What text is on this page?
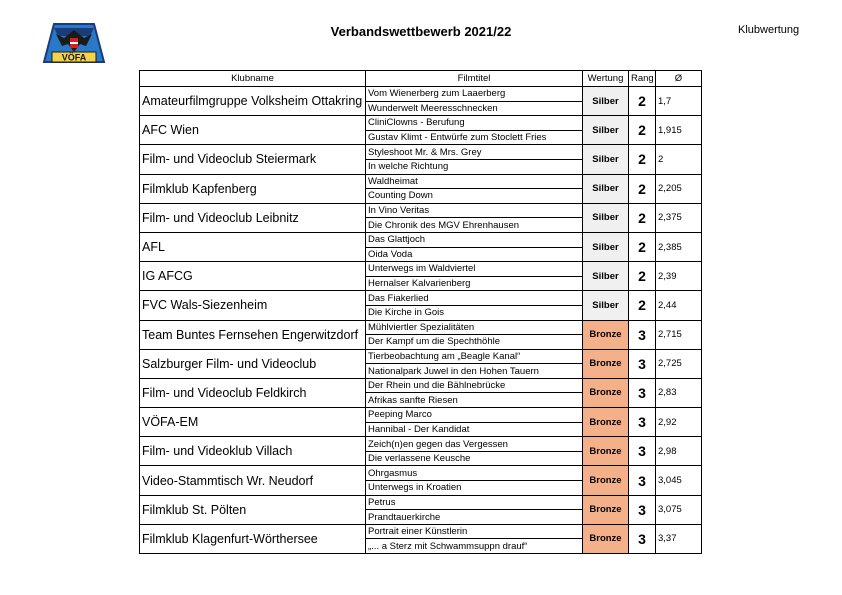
VÖFA
Verbandswettbewerb 2021/22	Klubwertung
Klubname	Filmtitel	Wertung	Rang	Ø
Amateurfilmgruppe Volksheim Ottakring	Vom Wienerberg zum Laaerberg	Silber	2	1,7
	Wunderwelt Meeresschnecken			
AFC Wien	CliniClowns - Berufung	Silber	2	1,915
	Gustav Klimt - Entwürfe zum Stoclett Fries			
Film- und Videoclub Steiermark	Styleshoot Mr. & Mrs. Grey	Silber	2	2
	In welche Richtung			
Filmklub Kapfenberg	Waldheimat	Silber	2	2,205
	Counting Down			
Film- und Videoclub Leibnitz	In Vino Veritas	Silber	2	2,375
	Die Chronik des MGV Ehrenhausen			
AFL	Das Glattjoch	Silber	2	2,385
	Oida Voda			
IG AFCG	Unterwegs im Waldviertel	Silber	2	2,39
	Hernalser Kalvarienberg			
FVC Wals-Siezenheim	Das Fiakerlied	Silber	2	2,44
	Die Kirche in Gois			
Team Buntes Fernsehen Engerwitzdorf	Mühlviertler Spezialitäten	Bronze	3	2,715
	Der Kampf um die Spechthöhle			
Salzburger Film- und Videoclub	Tierbeobachtung am „Beagle Kanal“	Bronze	3	2,725
	Nationalpark Juwel in den Hohen Tauern			
Film- und Videoclub Feldkirch	Der Rhein und die Bählnebrücke	Bronze	3	2,83
	Afrikas sanfte Riesen			
VÖFA-EM	Peeping Marco	Bronze	3	2,92
	Hannibal - Der Kandidat			
Film- und Videoklub Villach	Zeich(n)en gegen das Vergessen	Bronze	3	2,98
	Die verlassene Keusche			
Video-Stammtisch Wr. Neudorf	Ohrgasmus	Bronze	3	3,045
	Unterwegs in Kroatien			
Filmklub St. Pölten	Petrus	Bronze	3	3,075
	Prandtauerkirche			
Filmklub Klagenfurt-Wörthersee	Portrait einer Künstlerin	Bronze	3	3,37
	„... a Sterz mit Schwammsuppn drauf“			
